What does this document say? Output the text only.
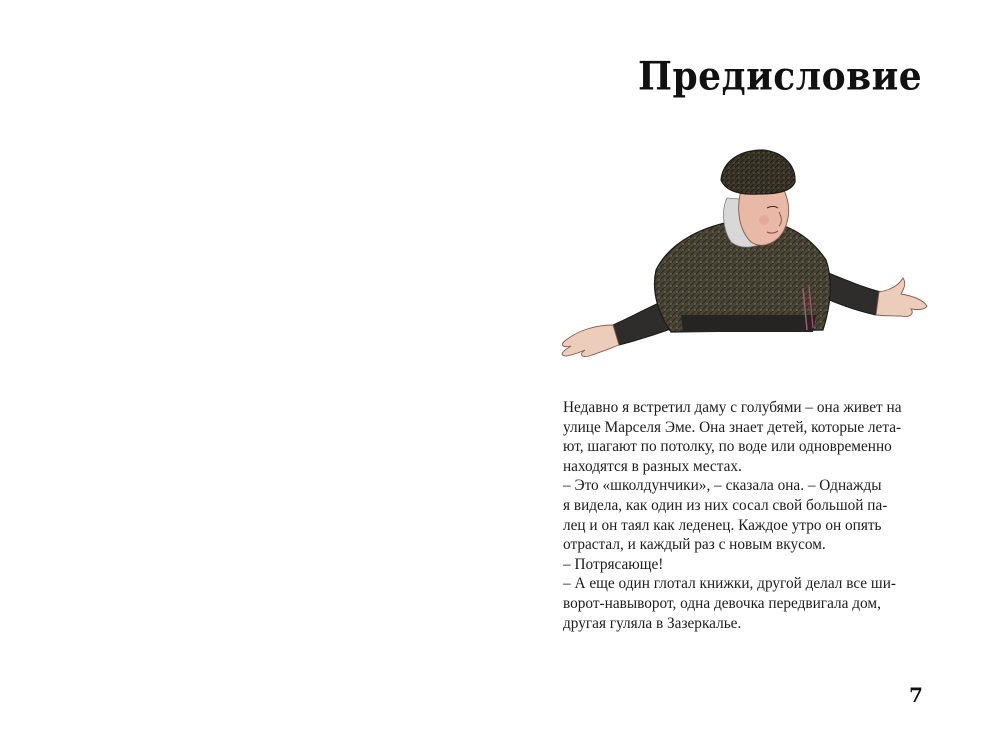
Предисловие
Недавно я встретил даму с голубями – она живет на
улице Марселя Эме. Она знает детей, которые лета-
ют, шагают по потолку, по воде или одновременно
находятся в разных местах.
– Это «школдунчики», – сказала она. – Однажды
я видела, как один из них сосал свой большой па-
лец и он таял как леденец. Каждое утро он опять
отрастал, и каждый раз с новым вкусом.
– Потрясающе!
– А еще один глотал книжки, другой делал все ши-
ворот-навыворот, одна девочка передвигала дом,
другая гуляла в Зазеркалье.
7
